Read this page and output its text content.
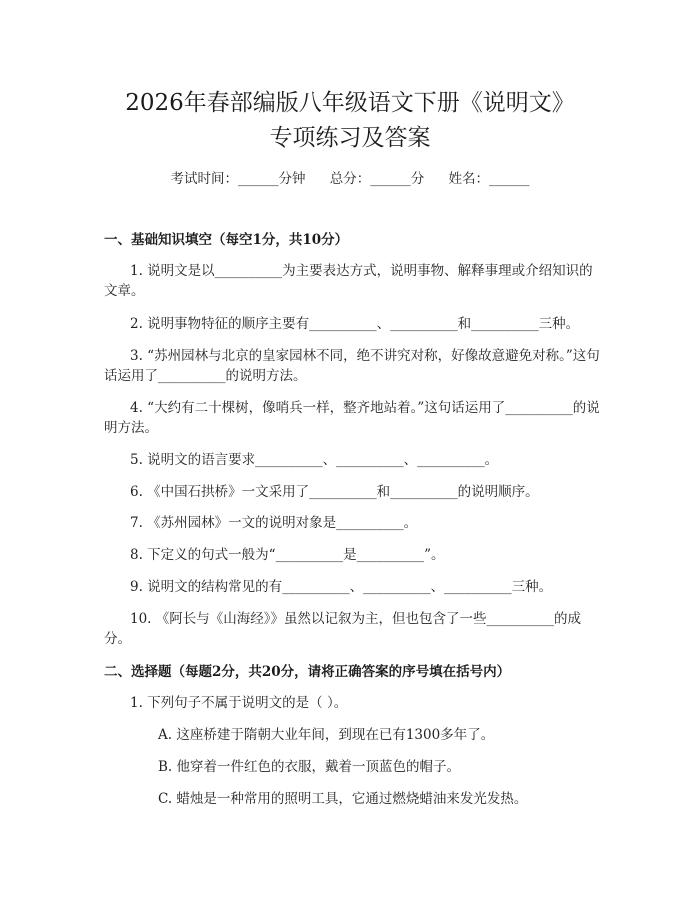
2026年春部编版八年级语文下册《说明文》
专项练习及答案
考试时间：______分钟 总分：______分 姓名：______
一、基础知识填空（每空1分，共10分）
1. 说明文是以__________为主要表达方式，说明事物、解释事理或介绍知识的文章。
2. 说明事物特征的顺序主要有__________、__________和__________三种。
3. “苏州园林与北京的皇家园林不同，绝不讲究对称，好像故意避免对称。”这句话运用了__________的说明方法。
4. “大约有二十棵树，像哨兵一样，整齐地站着。”这句话运用了__________的说明方法。
5. 说明文的语言要求__________、__________、__________。
6. 《中国石拱桥》一文采用了__________和__________的说明顺序。
7. 《苏州园林》一文的说明对象是__________。
8. 下定义的句式一般为“__________是__________”。
9. 说明文的结构常见的有__________、__________、__________三种。
10. 《阿长与《山海经》》虽然以记叙为主，但也包含了一些__________的成分。
二、选择题（每题2分，共20分，请将正确答案的序号填在括号内）
1. 下列句子不属于说明文的是（ ）。
A. 这座桥建于隋朝大业年间，到现在已有1300多年了。
B. 他穿着一件红色的衣服，戴着一顶蓝色的帽子。
C. 蜡烛是一种常用的照明工具，它通过燃烧蜡油来发光发热。
